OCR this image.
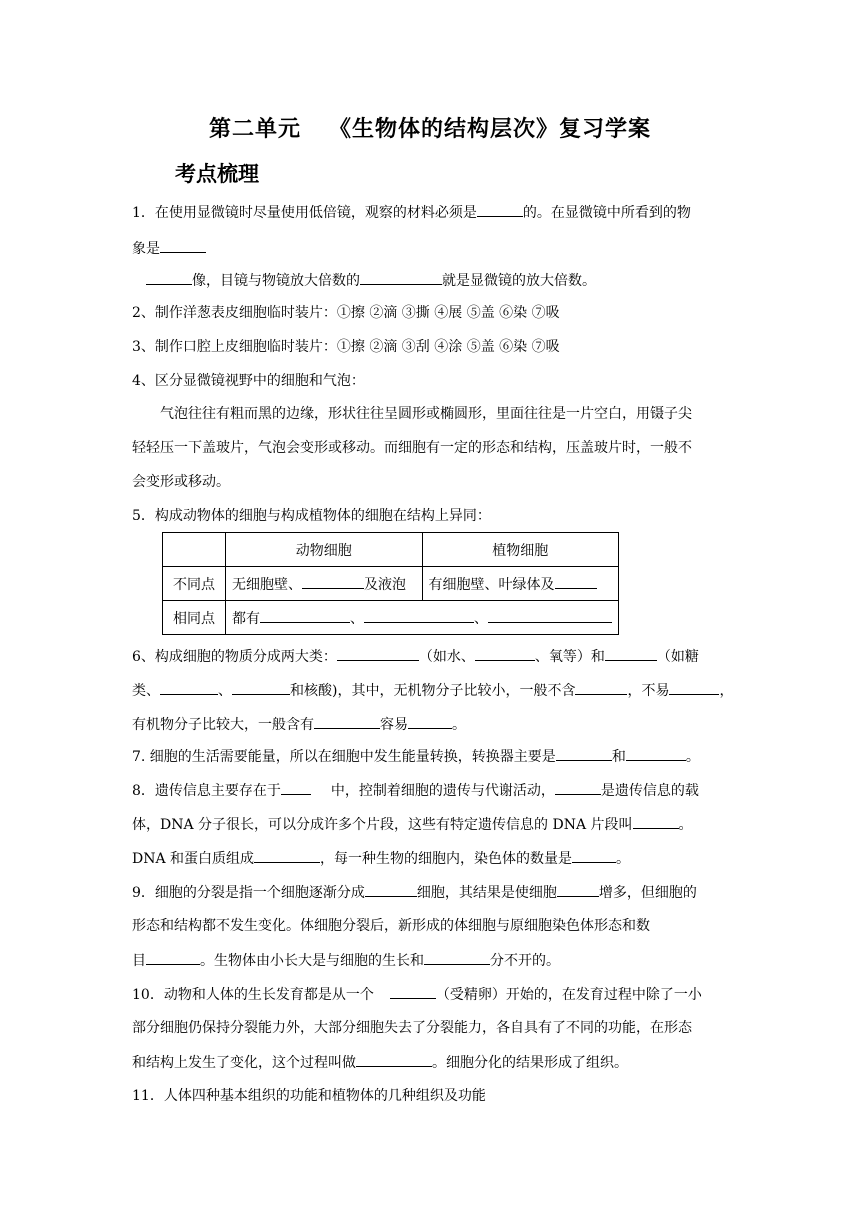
第二单元 《生物体的结构层次》复习学案
考点梳理
1．在使用显微镜时尽量使用低倍镜，观察的材料必须是	的。在显微镜中所看到的物
象是
像，目镜与物镜放大倍数的	就是显微镜的放大倍数。
2、制作洋葱表皮细胞临时装片：①擦 ②滴 ③撕 ④展 ⑤盖 ⑥染 ⑦吸
3、制作口腔上皮细胞临时装片：①擦 ②滴 ③刮 ④涂 ⑤盖 ⑥染 ⑦吸
4、区分显微镜视野中的细胞和气泡：
气泡往往有粗而黑的边缘，形状往往呈圆形或椭圆形，里面往往是一片空白，用镊子尖
轻轻压一下盖玻片，气泡会变形或移动。而细胞有一定的形态和结构，压盖玻片时，一般不
会变形或移动。
5．构成动物体的细胞与构成植物体的细胞在结构上异同：
	动物细胞	植物细胞
不同点	无细胞壁、 及液泡	有细胞壁、叶绿体及
相同点	都有 、 、	
6、构成细胞的物质分成两大类：	（如水、	、氧等）和	（如糖
类、	、	和核酸)，其中，无机物分子比较小，一般不含	，不易	，
有机物分子比较大，一般含有	容易	。
7. 细胞的生活需要能量，所以在细胞中发生能量转换，转换器主要是	和	。
8．遗传信息主要存在于	中，控制着细胞的遗传与代谢活动，	是遗传信息的载
体，DNA 分子很长，可以分成许多个片段，这些有特定遗传信息的 DNA 片段叫	。
DNA 和蛋白质组成	，每一种生物的细胞内，染色体的数量是	。
9．细胞的分裂是指一个细胞逐渐分成	细胞，其结果是使细胞	增多，但细胞的
形态和结构都不发生变化。体细胞分裂后，新形成的体细胞与原细胞染色体形态和数
目	。生物体由小长大是与细胞的生长和	分不开的。
10．动物和人体的生长发育都是从一个	（受精卵）开始的，在发育过程中除了一小
部分细胞仍保持分裂能力外，大部分细胞失去了分裂能力，各自具有了不同的功能，在形态
和结构上发生了变化，这个过程叫做	。细胞分化的结果形成了组织。
11．人体四种基本组织的功能和植物体的几种组织及功能
